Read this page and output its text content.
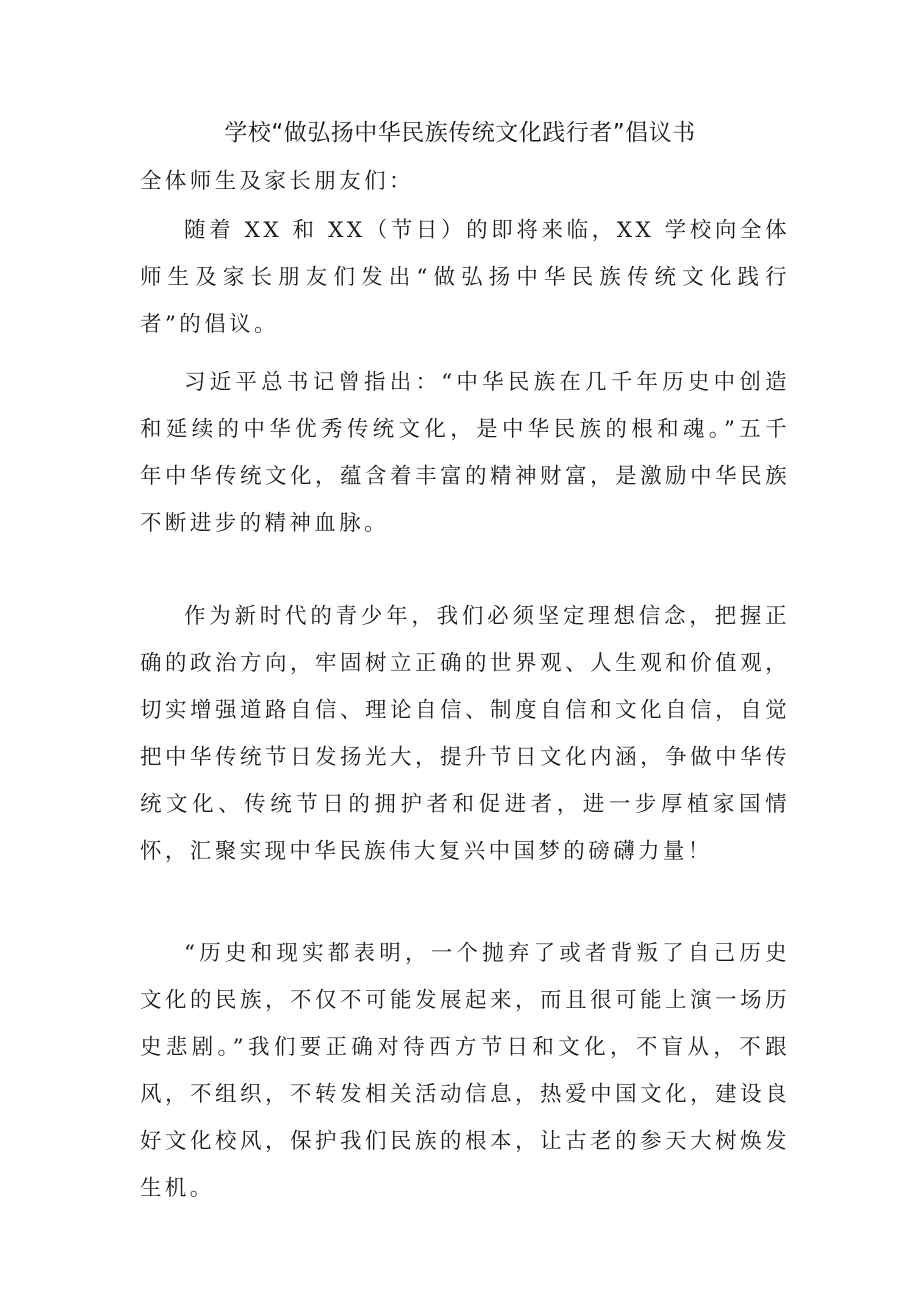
学校“做弘扬中华民族传统文化践行者”倡议书

全体师生及家长朋友们：

随着 XX 和 XX（节日）的即将来临，XX 学校向全体师生及家长朋友们发出“做弘扬中华民族传统文化践行者”的倡议。

习近平总书记曾指出：“中华民族在几千年历史中创造和延续的中华优秀传统文化，是中华民族的根和魂。”五千年中华传统文化，蕴含着丰富的精神财富，是激励中华民族不断进步的精神血脉。

作为新时代的青少年，我们必须坚定理想信念，把握正确的政治方向，牢固树立正确的世界观、人生观和价值观，切实增强道路自信、理论自信、制度自信和文化自信，自觉把中华传统节日发扬光大，提升节日文化内涵，争做中华传统文化、传统节日的拥护者和促进者，进一步厚植家国情怀，汇聚实现中华民族伟大复兴中国梦的磅礴力量！

“历史和现实都表明，一个抛弃了或者背叛了自己历史文化的民族，不仅不可能发展起来，而且很可能上演一场历史悲剧。”我们要正确对待西方节日和文化，不盲从，不跟风，不组织，不转发相关活动信息，热爱中国文化，建设良好文化校风，保护我们民族的根本，让古老的参天大树焕发生机。
